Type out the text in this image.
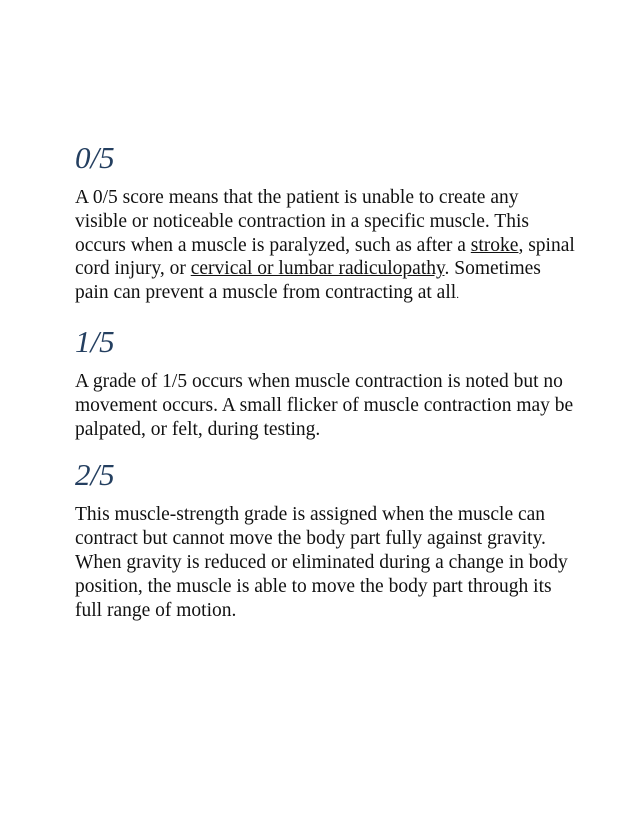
0/5

A 0/5 score means that the patient is unable to create any visible or noticeable contraction in a specific muscle. This occurs when a muscle is paralyzed, such as after a stroke, spinal cord injury, or cervical or lumbar radiculopathy. Sometimes pain can prevent a muscle from contracting at all.

1/5

A grade of 1/5 occurs when muscle contraction is noted but no movement occurs. A small flicker of muscle contraction may be palpated, or felt, during testing.

2/5

This muscle-strength grade is assigned when the muscle can contract but cannot move the body part fully against gravity. When gravity is reduced or eliminated during a change in body position, the muscle is able to move the body part through its full range of motion.
